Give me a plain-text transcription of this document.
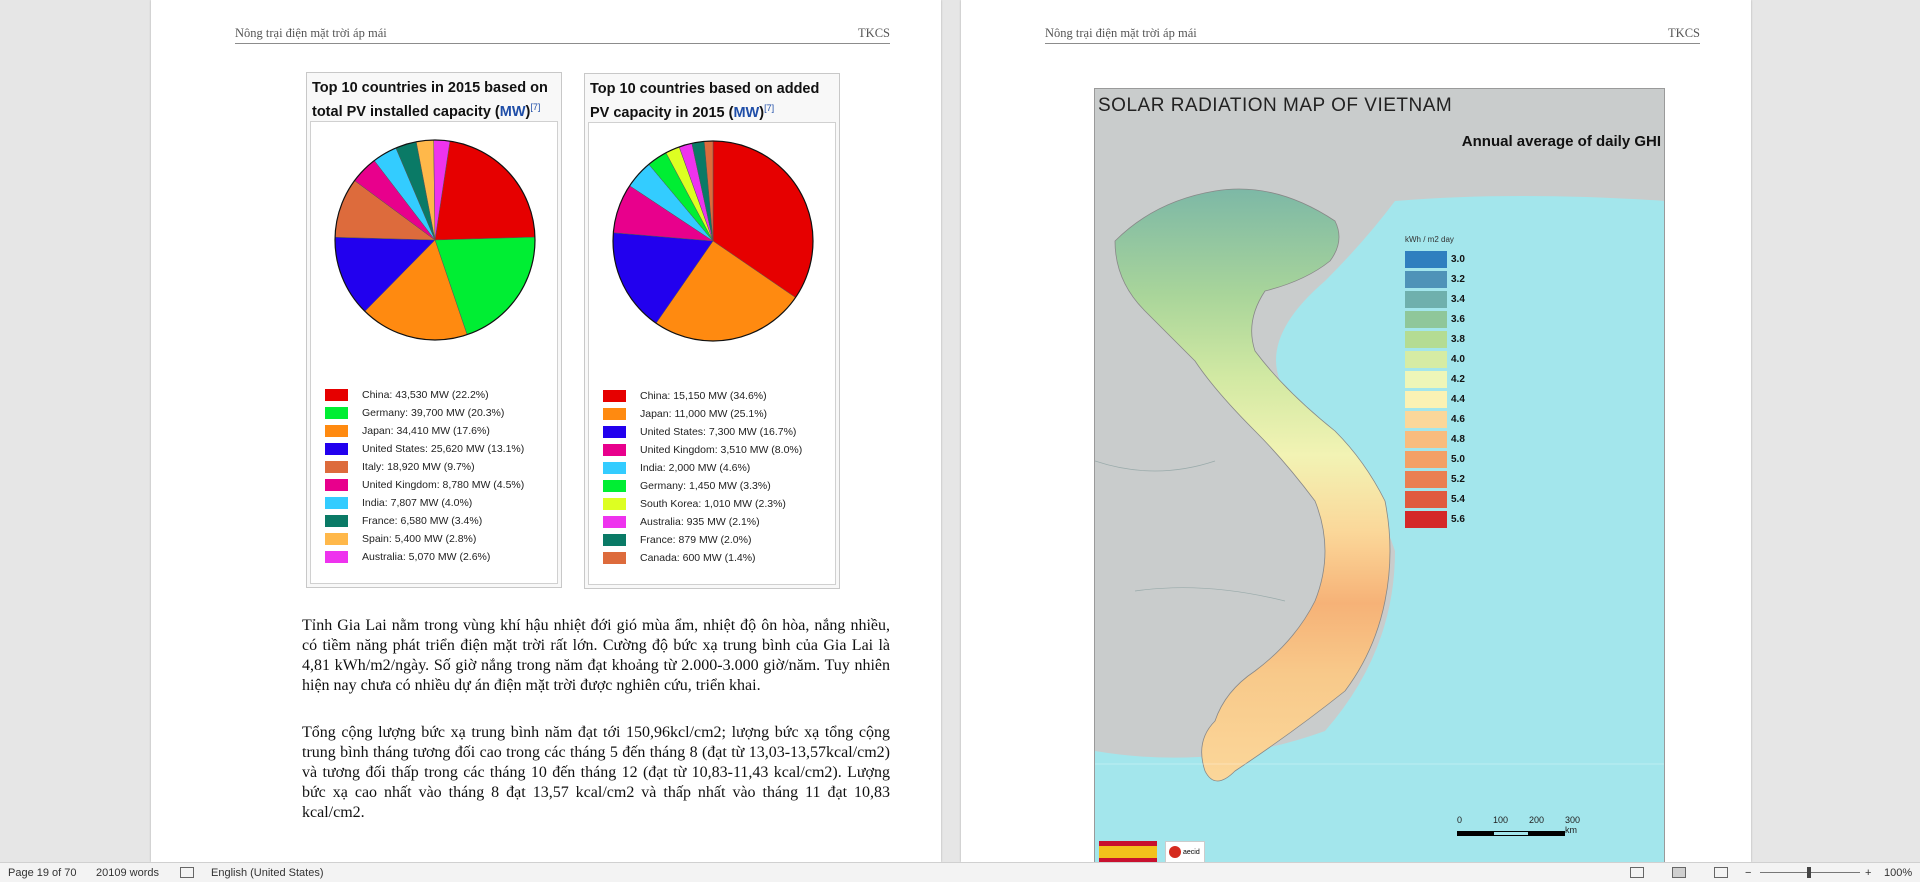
Nông trại điện mặt trời áp mái	TKCS
Top 10 countries in 2015 based on total PV installed capacity (MW)[7]
China: 43,530 MW (22.2%)
Germany: 39,700 MW (20.3%)
Japan: 34,410 MW (17.6%)
United States: 25,620 MW (13.1%)
Italy: 18,920 MW (9.7%)
United Kingdom: 8,780 MW (4.5%)
India: 7,807 MW (4.0%)
France: 6,580 MW (3.4%)
Spain: 5,400 MW (2.8%)
Australia: 5,070 MW (2.6%)
Top 10 countries based on added PV capacity in 2015 (MW)[7]
China: 15,150 MW (34.6%)
Japan: 11,000 MW (25.1%)
United States: 7,300 MW (16.7%)
United Kingdom: 3,510 MW (8.0%)
India: 2,000 MW (4.6%)
Germany: 1,450 MW (3.3%)
South Korea: 1,010 MW (2.3%)
Australia: 935 MW (2.1%)
France: 879 MW (2.0%)
Canada: 600 MW (1.4%)

Tỉnh Gia Lai nằm trong vùng khí hậu nhiệt đới gió mùa ẩm, nhiệt độ ôn hòa, nắng nhiều, có tiềm năng phát triển điện mặt trời rất lớn. Cường độ bức xạ trung bình của Gia Lai là 4,81 kWh/m2/ngày. Số giờ nắng trong năm đạt khoảng từ 2.000-3.000 giờ/năm. Tuy nhiên hiện nay chưa có nhiều dự án điện mặt trời được nghiên cứu, triển khai.

Tổng cộng lượng bức xạ trung bình năm đạt tới 150,96kcl/cm2; lượng bức xạ tổng cộng trung bình tháng tương đối cao trong các tháng 5 đến tháng 8 (đạt từ 13,03-13,57kcal/cm2) và tương đối thấp trong các tháng 10 đến tháng 12 (đạt từ 10,83-11,43 kcal/cm2). Lượng bức xạ cao nhất vào tháng 8 đạt 13,57 kcal/cm2 và thấp nhất vào tháng 11 đạt 10,83 kcal/cm2.

Nông trại điện mặt trời áp mái	TKCS
SOLAR RADIATION MAP OF VIETNAM
Annual average of daily GHI
kWh / m2 day
3.0
3.2
3.4
3.6
3.8
4.0
4.2
4.4
4.6
4.8
5.0
5.2
5.4
5.6
0	100 200 300 km
aecid
Page 19 of 70 20109 words	English (United States)	−	+ 100%
